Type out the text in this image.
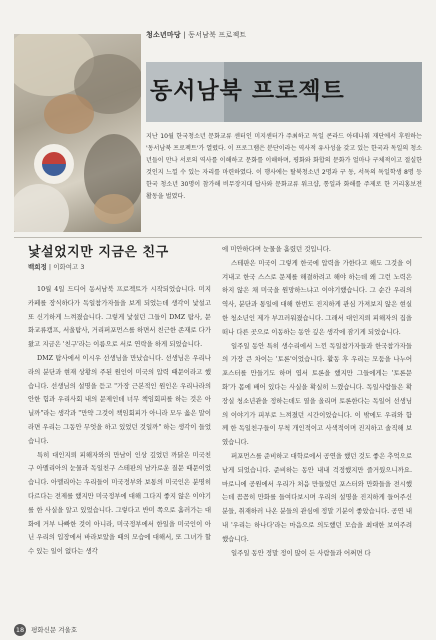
청소년마당 | 동서남북 프로젝트
동서남북 프로젝트
지난 10월 한국청소년 문화교류 센터인 미지센터가 주최하고 독일 콘라드 아데나워 재단에서 후원하는 '동서남북 프로젝트'가 열렸다. 이 프로그램은 분단이라는 역사적 유사성을 갖고 있는 한국과 독일의 청소년들이 만나 서로의 역사를 이해하고 문화를 이해하며, 평화와 화합의 문화가 얼마나 구체적이고 절실한 것인지 느낄 수 있는 자리를 마련하였다. 이 행사에는 탈북청소년 2명과 구 동, 서독의 독일학생 8명 등 한국 청소년 30명이 참가해 비무장지대 답사와 문화교류 워크샵, 통일과 화해를 주제로 한 거리홍보전 활동을 벌였다.
낯설었지만 지금은 친구
백희정 | 이화여고 3

10월 4일 드디어 동서남북 프로젝트가 시작되었습니다. 미지카페를 장식하다가 독일참가자들을 보게 되었는데 생각이 낯설고 또 신기하게 느껴졌습니다. 그렇게 낯설던 그들이 DMZ 탐사, 문화교류캠프, 서울탐사, 거리퍼포먼스를 하면서 친근한 존재로 다가왔고 지금은 '친구'라는 이름으로 서로 연락을 하게 되었습니다.

DMZ 탐사에서 이시우 선생님을 만났습니다. 선생님은 우리나라의 분단과 현재 상황의 주된 원인이 미국의 압력 때문이라고 했습니다. 선생님의 설명을 듣고 "가장 근본적인 원인은 우리나라의 안한 힘과 우리사회 내의 문제인데 너무 책임회피를 하는 것은 아닐까"라는 생각과 "만약 그것이 책임회피가 아니라 모두 옳은 말이라면 우리는 그동안 무엇을 하고 있었던 것일까" 하는 생각이 들었습니다.

특히 대인지뢰 피해자와의 만남이 인상 깊었던 까닭은 미국친구 아멜리아의 눈물과 독일친구 스테판의 남카로운 질문 때문이었습니다. 아멜리아는 우리들이 미국정부와 보통의 미국인은 분명히 다르다는 전제를 했지만 미국정부에 대해 그다지 좋지 않은 이야기를 한 사실을 알고 있었습니다. 그렇다고 반미 쪽으로 흘러가는 대화에 거부 나빠한 것이 아니라, 미국정부에서 한일을 미국인이 아닌 우리의 입장에서 바라보았을 때의 모습에 대해서, 또 그녀가 할 수 있는 일이 없다는 생각

에 미안하다며 눈물을 흘렸던 것입니다.

스테판은 미국이 그렇게 한국에 압력을 가한다고 해도 그것을 이겨내고 한국 스스로 문제를 해결하려고 해야 하는데 왜 그런 노력은 하지 않은 채 미국을 원망하느냐고 이야기했습니다. 그 순간 우리의 역사, 분단과 통일에 대해 한번도 진지하게 관심 가져보지 않은 현실한 청소년인 제가 부끄러워졌습니다. 그래서 대인지뢰 피해자의 집을 떠나 다른 곳으로 이동하는 동안 깊은 생각에 잠기게 되었습니다.

일주일 동안 특히 생수리에서 느낀 독일참가자들과 한국참가자들의 가장 큰 차이는 '토론'이었습니다. 활동 후 우리는 모둠을 나누어 포스터를 만들기도 하며 엽서 토론을 했지만 그들에게는 '토론문화'가 몸에 배어 있다는 사실을 확실히 느꼈습니다. 독일사람들은 확장실 청소년관을 정하는데도 열을 올리며 토론한다는 독일어 선생님의 이야기가 피부로 느껴졌던 시간이었습니다. 이 밖에도 우리와 함께 한 독일친구들이 무척 개인적이고 사색적이며 진지하고 솔직해 보였습니다.

퍼포먼스를 준비하고 대학로에서 공연을 했던 것도 좋은 추억으로 남게 되었습니다. 준비하는 동안 내내 걱정했지만 즐거웠으니까요. 마로니에 공원에서 우리가 처음 만들었던 포스터와 만화들을 전시했는데 꼼꼼히 만화를 들여다보시며 우리의 설명을 진지하게 들어주신 분들, 취재하러 나온 분들의 관심에 정말 기분이 좋았습니다. 공연 내내 '우리는 하나다'라는 마음으로 의도했던 모습을 최대한 보여주려 했습니다.

일주일 동안 정말 정이 많이 든 사람들과 어쩌면 다

18 평화신문 겨울호
